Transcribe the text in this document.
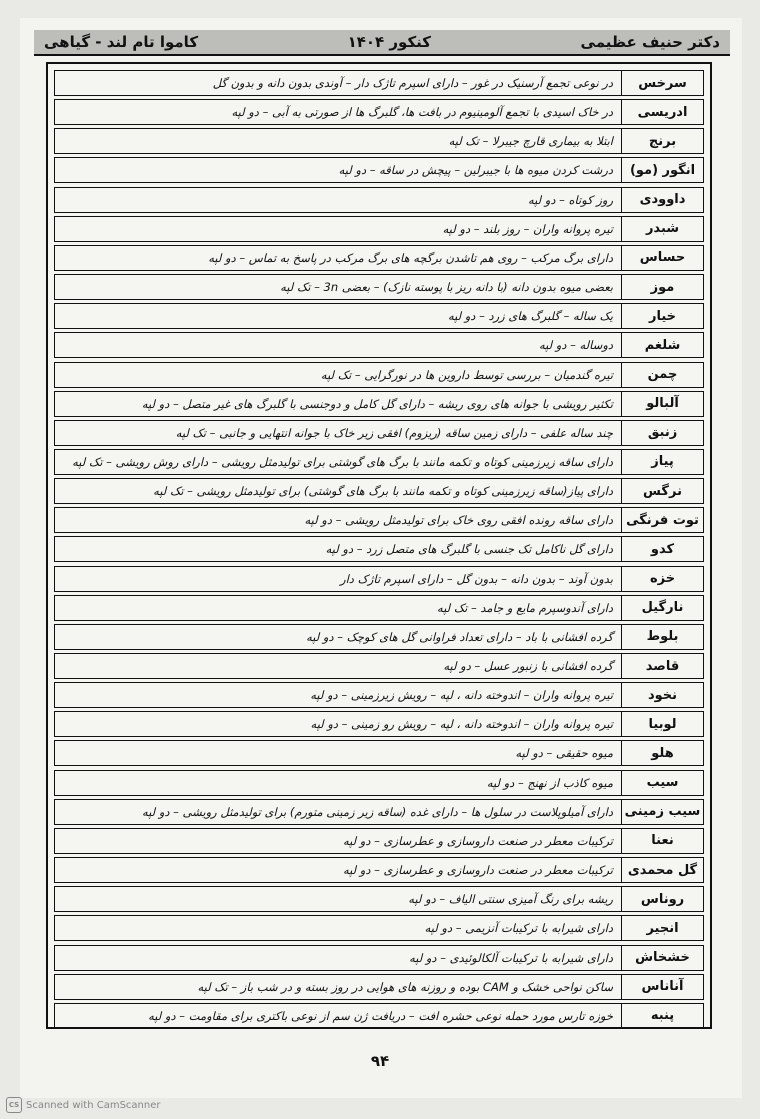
دکتر حنیف عظیمی
کنکور ۱۴۰۴
کاموا تام لند - گیاهی
سرخس
در نوعی تجمع آرسنیک در غور – دارای اسپرم تاژک دار – آوندی بدون دانه و بدون گل
ادریسی
در خاک اسیدی با تجمع آلومینیوم در بافت ها، گلبرگ ها از صورتی به آبی – دو لپه
برنج
ابتلا به بیماری قارچ جیبرلا – تک لپه
انگور (مو)
درشت کردن میوه ها با جیبرلین – پیچش در ساقه – دو لپه
داوودی
روز کوتاه – دو لپه
شبدر
تیره پروانه واران – روز بلند – دو لپه
حساس
دارای برگ مرکب – روی هم تاشدن برگچه های برگ مرکب در پاسخ به تماس – دو لپه
موز
بعضی میوه بدون دانه (با دانه ریز با پوسته نازک) – بعضی 3n – تک لپه
خیار
یک ساله – گلبرگ های زرد – دو لپه
شلغم
دوساله – دو لپه
چمن
تیره گندمیان – بررسی توسط داروین ها در نورگرایی – تک لپه
آلبالو
تکثیر رویشی با جوانه های روی ریشه – دارای گل کامل و دوجنسی با گلبرگ های غیر متصل – دو لپه
زنبق
چند ساله علفی – دارای زمین ساقه (ریزوم) افقی زیر خاک با جوانه انتهایی و جانبی – تک لپه
پیاز
دارای ساقه زیرزمینی کوتاه و تکمه مانند با برگ های گوشتی برای تولیدمثل رویشی – دارای روش رویشی – تک لپه
نرگس
دارای پیاز(ساقه زیرزمینی کوتاه و تکمه مانند با برگ های گوشتی) برای تولیدمثل رویشی – تک لپه
توت فرنگی
دارای ساقه رونده افقی روی خاک برای تولیدمثل رویشی – دو لپه
کدو
دارای گل ناکامل تک جنسی با گلبرگ های متصل زرد – دو لپه
خزه
بدون آوند – بدون دانه – بدون گل – دارای اسپرم تاژک دار
نارگیل
دارای آندوسپرم مایع و جامد – تک لپه
بلوط
گرده افشانی با باد – دارای تعداد فراوانی گل های کوچک – دو لپه
قاصد
گرده افشانی با زنبور عسل – دو لپه
نخود
تیره پروانه واران – اندوخته دانه ، لپه – رویش زیرزمینی – دو لپه
لوبیا
تیره پروانه واران – اندوخته دانه ، لپه – رویش رو زمینی – دو لپه
هلو
میوه حقیقی – دو لپه
سیب
میوه کاذب از نهنج – دو لپه
سیب زمینی
دارای آمیلوپلاست در سلول ها – دارای غده (ساقه زیر زمینی متورم) برای تولیدمثل رویشی – دو لپه
نعنا
ترکیبات معطر در صنعت داروسازی و عطرسازی – دو لپه
گل محمدی
ترکیبات معطر در صنعت داروسازی و عطرسازی – دو لپه
روناس
ریشه برای رنگ آمیزی سنتی الیاف – دو لپه
انجیر
دارای شیرابه با ترکیبات آنزیمی – دو لپه
خشخاش
دارای شیرابه با ترکیبات آلکالوئیدی – دو لپه
آناناس
ساکن نواحی خشک و CAM بوده و روزنه های هوایی در روز بسته و در شب باز – تک لپه
پنبه
خوزه تارس مورد حمله نوعی حشره افت – دریافت ژن سم از نوعی باکتری برای مقاومت – دو لپه
۹۴
CS Scanned with CamScanner
